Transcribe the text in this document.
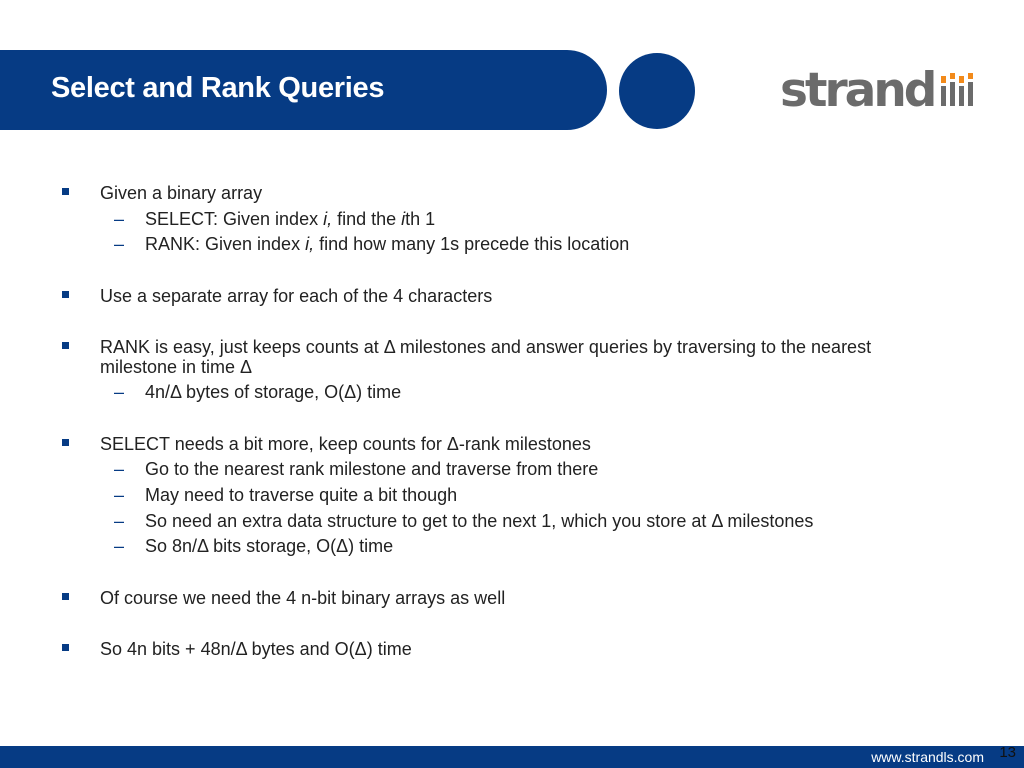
Select and Rank Queries	strand
Given a binary array
– SELECT: Given index i, find the ith 1
– RANK: Given index i, find how many 1s precede this location
Use a separate array for each of the 4 characters
RANK is easy, just keeps counts at Δ milestones and answer queries by traversing to the nearest
milestone in time Δ
– 4n/Δ bytes of storage, O(Δ) time
SELECT needs a bit more, keep counts for Δ-rank milestones
– Go to the nearest rank milestone and traverse from there
– May need to traverse quite a bit though
– So need an extra data structure to get to the next 1, which you store at Δ milestones
– So 8n/Δ bits storage, O(Δ) time
Of course we need the 4 n-bit binary arrays as well
So 4n bits + 48n/Δ bytes and O(Δ) time
www.strandls.com 13
